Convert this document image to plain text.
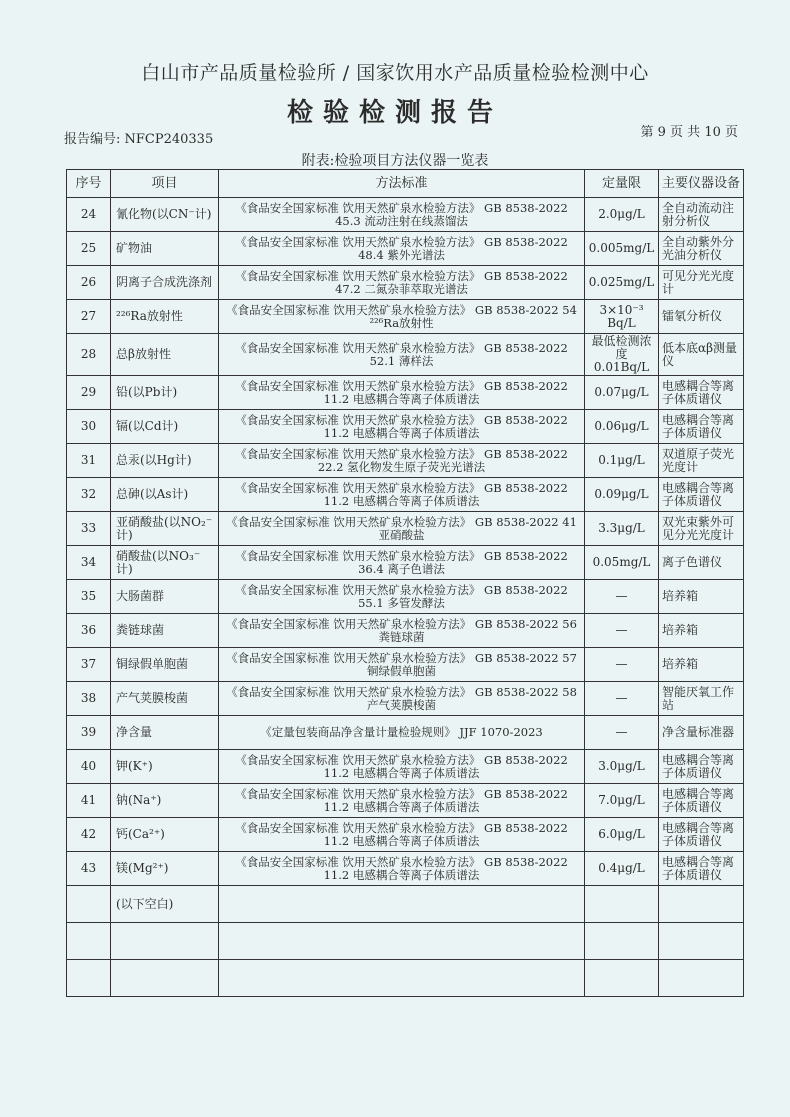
白山市产品质量检验所 / 国家饮用水产品质量检验检测中心
检验检测报告
报告编号: NFCP240335	第 9 页 共 10 页
附表:检验项目方法仪器一览表
序号	项目	方法标准	定量限	主要仪器设备
24	氰化物(以CN⁻计)	《食品安全国家标准 饮用天然矿泉水检验方法》 GB 8538-2022 45.3 流动注射在线蒸馏法	2.0μg/L	全自动流动注射分析仪
25	矿物油	《食品安全国家标准 饮用天然矿泉水检验方法》 GB 8538-2022 48.4 紫外光谱法	0.005mg/L	全自动紫外分光油分析仪
26	阴离子合成洗涤剂	《食品安全国家标准 饮用天然矿泉水检验方法》 GB 8538-2022 47.2 二氮杂菲萃取光谱法	0.025mg/L	可见分光光度计
27	²²⁶Ra放射性	《食品安全国家标准 饮用天然矿泉水检验方法》 GB 8538-2022 54 ²²⁶Ra放射性	3×10⁻³ Bq/L	镭氡分析仪
28	总β放射性	《食品安全国家标准 饮用天然矿泉水检验方法》 GB 8538-2022 52.1 薄样法	最低检测浓度0.01Bq/L	低本底αβ测量仪
29	铅(以Pb计)	《食品安全国家标准 饮用天然矿泉水检验方法》 GB 8538-2022 11.2 电感耦合等离子体质谱法	0.07μg/L	电感耦合等离子体质谱仪
30	镉(以Cd计)	《食品安全国家标准 饮用天然矿泉水检验方法》 GB 8538-2022 11.2 电感耦合等离子体质谱法	0.06μg/L	电感耦合等离子体质谱仪
31	总汞(以Hg计)	《食品安全国家标准 饮用天然矿泉水检验方法》 GB 8538-2022 22.2 氢化物发生原子荧光光谱法	0.1μg/L	双道原子荧光光度计
32	总砷(以As计)	《食品安全国家标准 饮用天然矿泉水检验方法》 GB 8538-2022 11.2 电感耦合等离子体质谱法	0.09μg/L	电感耦合等离子体质谱仪
33	亚硝酸盐(以NO₂⁻计)	《食品安全国家标准 饮用天然矿泉水检验方法》 GB 8538-2022 41 亚硝酸盐	3.3μg/L	双光束紫外可见分光光度计
34	硝酸盐(以NO₃⁻计)	《食品安全国家标准 饮用天然矿泉水检验方法》 GB 8538-2022 36.4 离子色谱法	0.05mg/L	离子色谱仪
35	大肠菌群	《食品安全国家标准 饮用天然矿泉水检验方法》 GB 8538-2022 55.1 多管发酵法	—	培养箱
36	粪链球菌	《食品安全国家标准 饮用天然矿泉水检验方法》 GB 8538-2022 56 粪链球菌	—	培养箱
37	铜绿假单胞菌	《食品安全国家标准 饮用天然矿泉水检验方法》 GB 8538-2022 57 铜绿假单胞菌	—	培养箱
38	产气荚膜梭菌	《食品安全国家标准 饮用天然矿泉水检验方法》 GB 8538-2022 58 产气荚膜梭菌	—	智能厌氧工作站
39	净含量	《定量包装商品净含量计量检验规则》 JJF 1070-2023	—	净含量标准器
40	钾(K⁺)	《食品安全国家标准 饮用天然矿泉水检验方法》 GB 8538-2022 11.2 电感耦合等离子体质谱法	3.0μg/L	电感耦合等离子体质谱仪
41	钠(Na⁺)	《食品安全国家标准 饮用天然矿泉水检验方法》 GB 8538-2022 11.2 电感耦合等离子体质谱法	7.0μg/L	电感耦合等离子体质谱仪
42	钙(Ca²⁺)	《食品安全国家标准 饮用天然矿泉水检验方法》 GB 8538-2022 11.2 电感耦合等离子体质谱法	6.0μg/L	电感耦合等离子体质谱仪
43	镁(Mg²⁺)	《食品安全国家标准 饮用天然矿泉水检验方法》 GB 8538-2022 11.2 电感耦合等离子体质谱法	0.4μg/L	电感耦合等离子体质谱仪
	(以下空白)			
